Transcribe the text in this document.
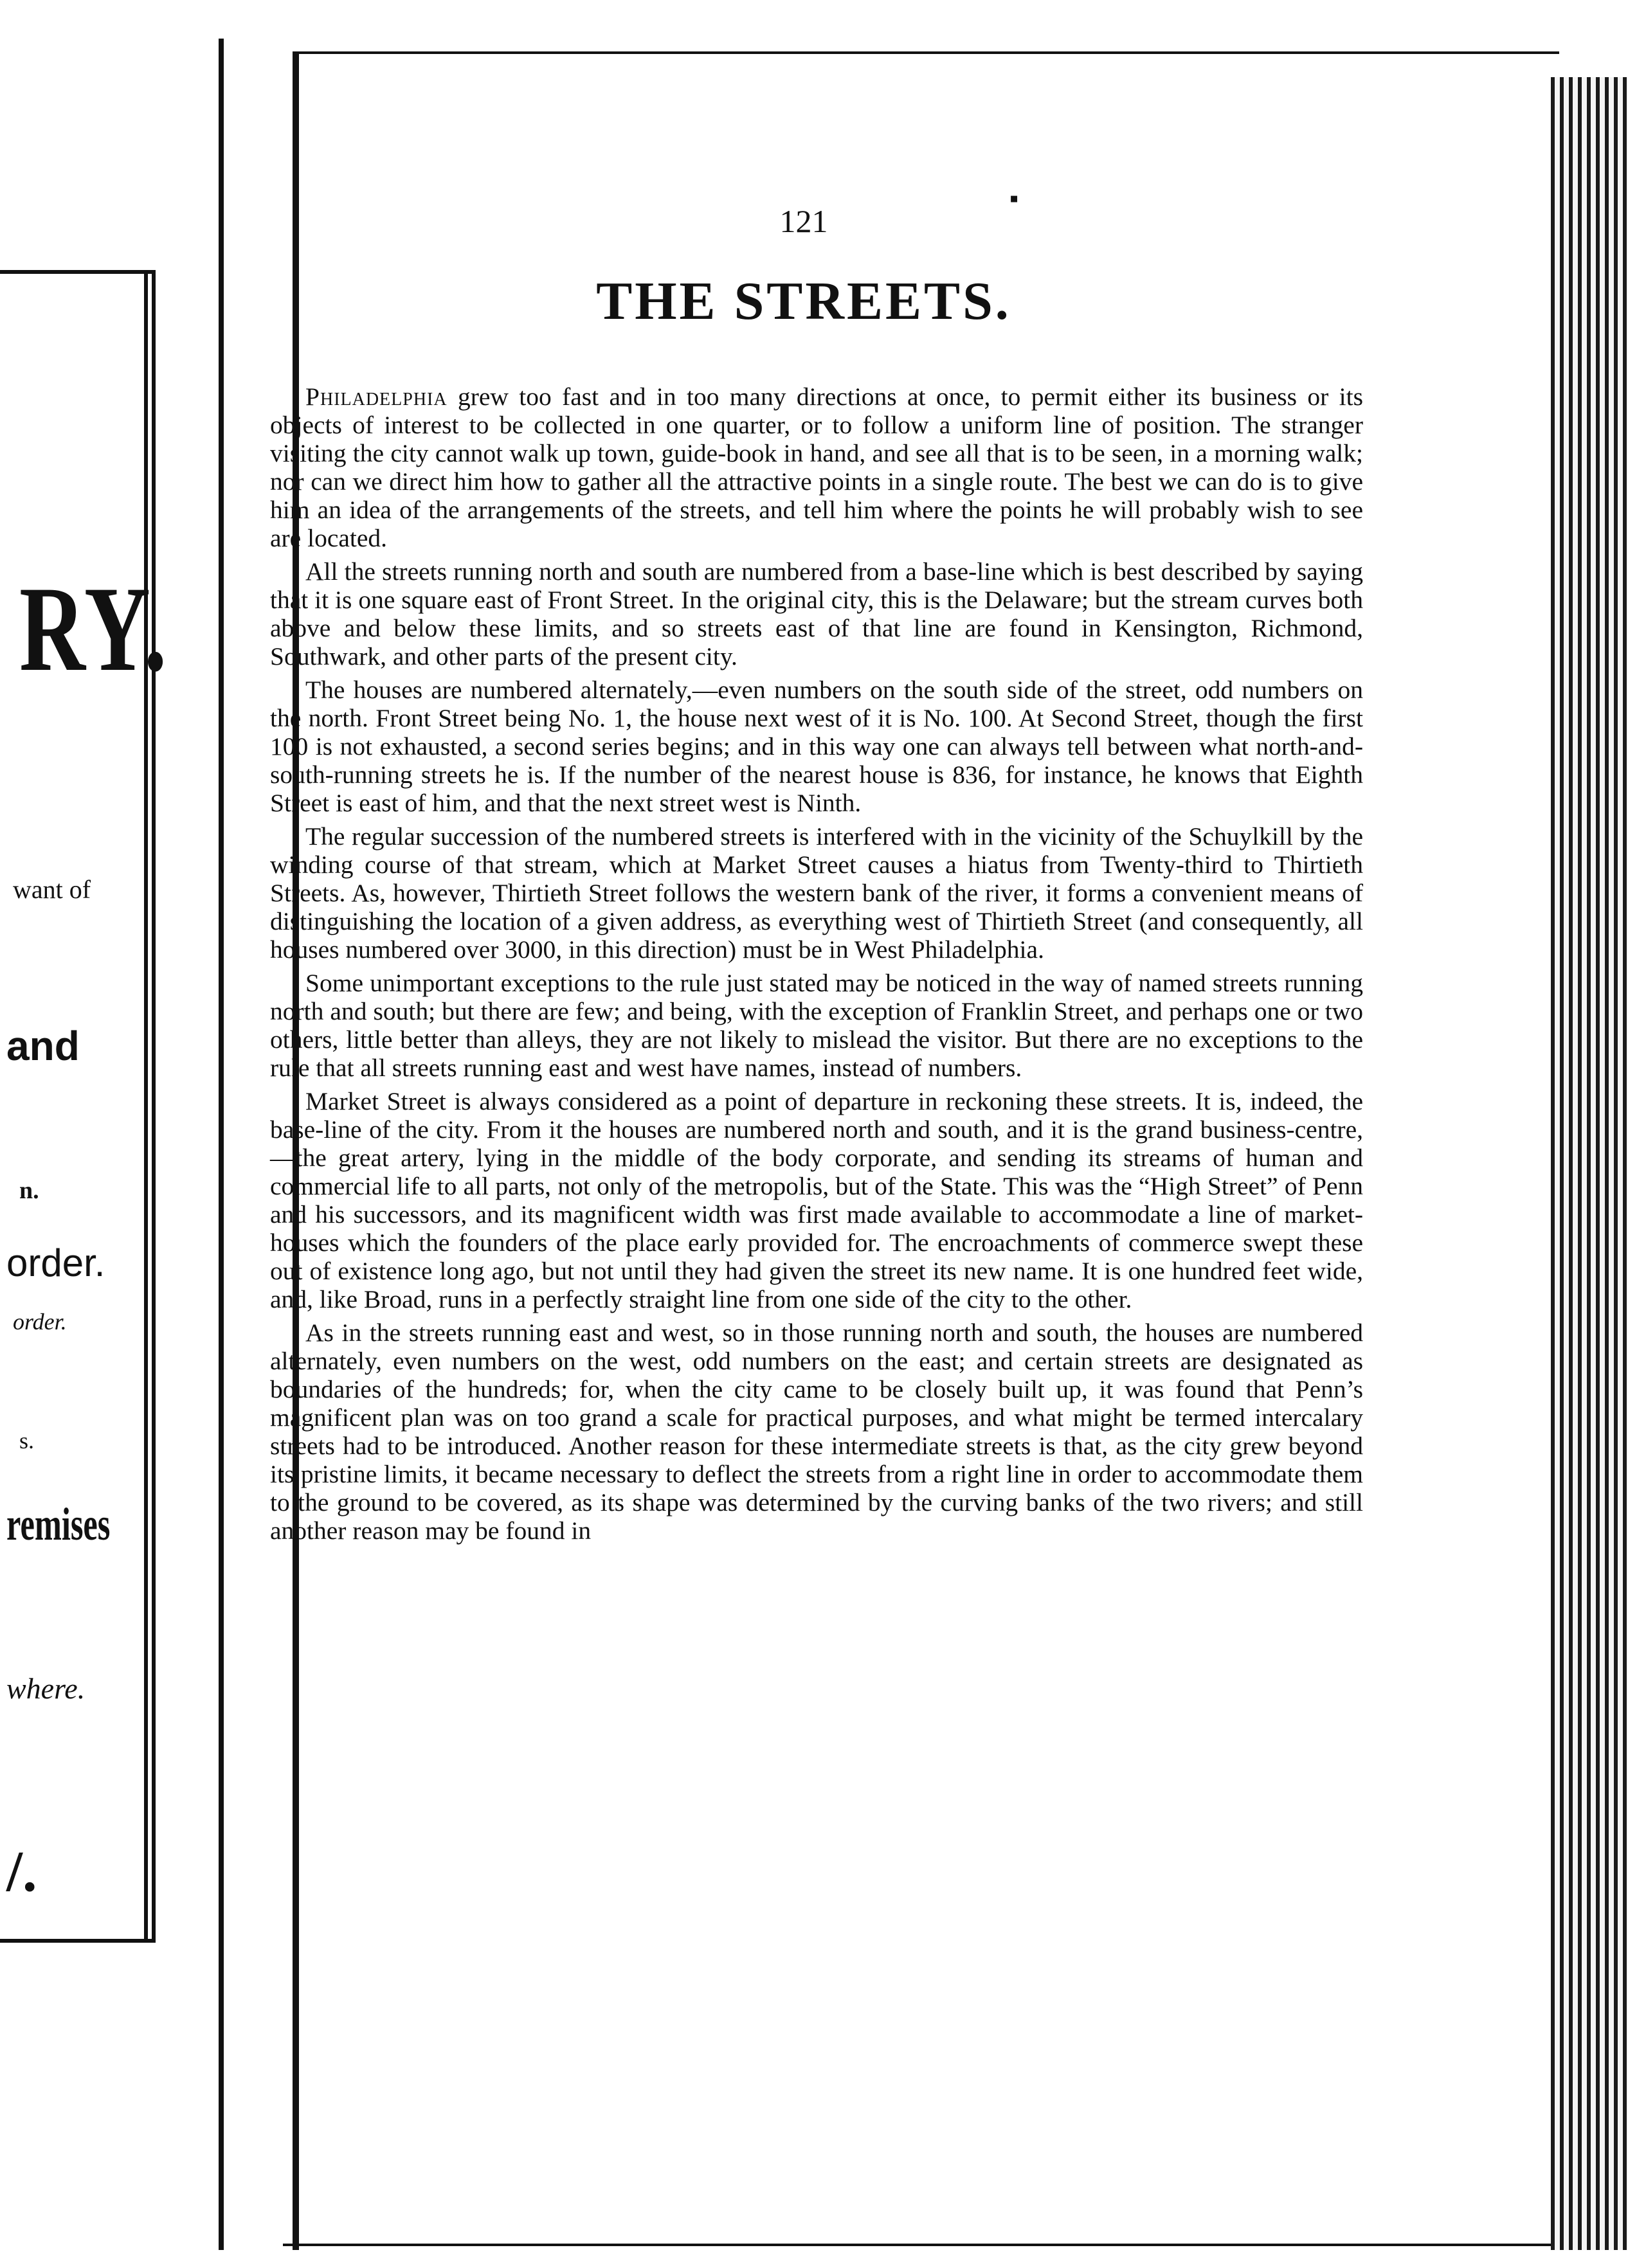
RY.
want of
and
n.
order.
order.
s.
remises
where.
/.
▪
121
THE STREETS.

Philadelphia grew too fast and in too many directions at once, to permit either its business or its objects of interest to be collected in one quarter, or to follow a uniform line of position. The stranger visiting the city cannot walk up town, guide-book in hand, and see all that is to be seen, in a morning walk; nor can we direct him how to gather all the attractive points in a single route. The best we can do is to give him an idea of the arrangements of the streets, and tell him where the points he will probably wish to see are located.

All the streets running north and south are numbered from a base-line which is best described by saying that it is one square east of Front Street. In the original city, this is the Delaware; but the stream curves both above and below these limits, and so streets east of that line are found in Kensington, Richmond, Southwark, and other parts of the present city.

The houses are numbered alternately,—even numbers on the south side of the street, odd numbers on the north. Front Street being No. 1, the house next west of it is No. 100. At Second Street, though the first 100 is not exhausted, a second series begins; and in this way one can always tell between what north-and-south-running streets he is. If the number of the nearest house is 836, for instance, he knows that Eighth Street is east of him, and that the next street west is Ninth.

The regular succession of the numbered streets is interfered with in the vicinity of the Schuylkill by the winding course of that stream, which at Market Street causes a hiatus from Twenty-third to Thirtieth Streets. As, however, Thirtieth Street follows the western bank of the river, it forms a convenient means of distinguishing the location of a given address, as everything west of Thirtieth Street (and consequently, all houses numbered over 3000, in this direction) must be in West Philadelphia.

Some unimportant exceptions to the rule just stated may be noticed in the way of named streets running north and south; but there are few; and being, with the exception of Franklin Street, and perhaps one or two others, little better than alleys, they are not likely to mislead the visitor. But there are no exceptions to the rule that all streets running east and west have names, instead of numbers.

Market Street is always considered as a point of departure in reckoning these streets. It is, indeed, the base-line of the city. From it the houses are numbered north and south, and it is the grand business-centre,—the great artery, lying in the middle of the body corporate, and sending its streams of human and commercial life to all parts, not only of the metropolis, but of the State. This was the “High Street” of Penn and his successors, and its magnificent width was first made available to accommodate a line of market-houses which the founders of the place early provided for. The encroachments of commerce swept these out of existence long ago, but not until they had given the street its new name. It is one hundred feet wide, and, like Broad, runs in a perfectly straight line from one side of the city to the other.

As in the streets running east and west, so in those running north and south, the houses are numbered alternately, even numbers on the west, odd numbers on the east; and certain streets are designated as boundaries of the hundreds; for, when the city came to be closely built up, it was found that Penn’s magnificent plan was on too grand a scale for practical purposes, and what might be termed intercalary streets had to be introduced. Another reason for these intermediate streets is that, as the city grew beyond its pristine limits, it became necessary to deflect the streets from a right line in order to accommodate them to the ground to be covered, as its shape was determined by the curving banks of the two rivers; and still another reason may be found in
